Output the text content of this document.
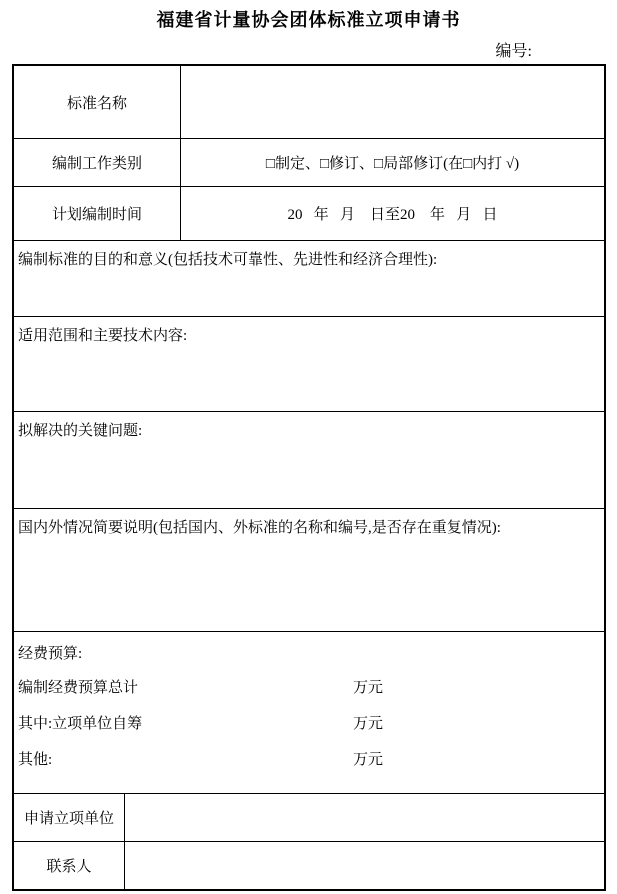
福建省计量协会团体标准立项申请书
编号:
标准名称
编制工作类别	□制定、□修订、□局部修订(在□内打 √)
计划编制时间	20   年   月    日至20    年   月   日
编制标准的目的和意义(包括技术可靠性、先进性和经济合理性):
适用范围和主要技术内容:
拟解决的关键问题:
国内外情况简要说明(包括国内、外标准的名称和编号,是否存在重复情况):
经费预算:
编制经费预算总计	万元
其中:立项单位自筹	万元
其他:	万元
申请立项单位
联系人
